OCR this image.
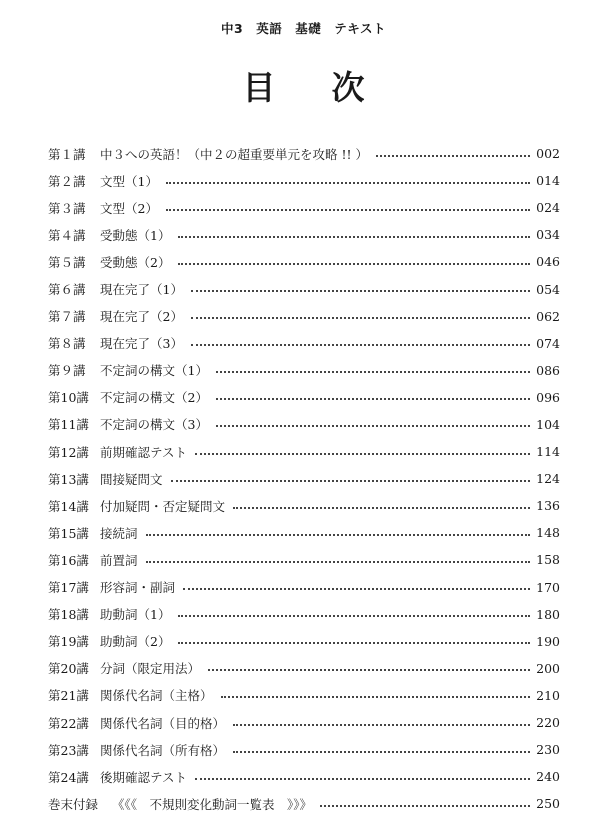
中3　英語　基礎　テキスト
目次
第１講	中３への英語！（中２の超重要単元を攻略 !! ）	002
第２講	文型（1）	014
第３講	文型（2）	024
第４講	受動態（1）	034
第５講	受動態（2）	046
第６講	現在完了（1）	054
第７講	現在完了（2）	062
第８講	現在完了（3）	074
第９講	不定詞の構文（1）	086
第10講 不定詞の構文（2）	096
第11講 不定詞の構文（3）	104
第12講 前期確認テスト	114
第13講 間接疑問文	124
第14講 付加疑問・否定疑問文	136
第15講 接続詞	148
第16講 前置詞	158
第17講 形容詞・副詞	170
第18講 助動詞（1）	180
第19講 助動詞（2）	190
第20講 分詞（限定用法）	200
第21講 関係代名詞（主格）	210
第22講 関係代名詞（目的格）	220
第23講 関係代名詞（所有格）	230
第24講 後期確認テスト	240
巻末付録	《《《　不規則変化動詞一覧表　》》》	250
